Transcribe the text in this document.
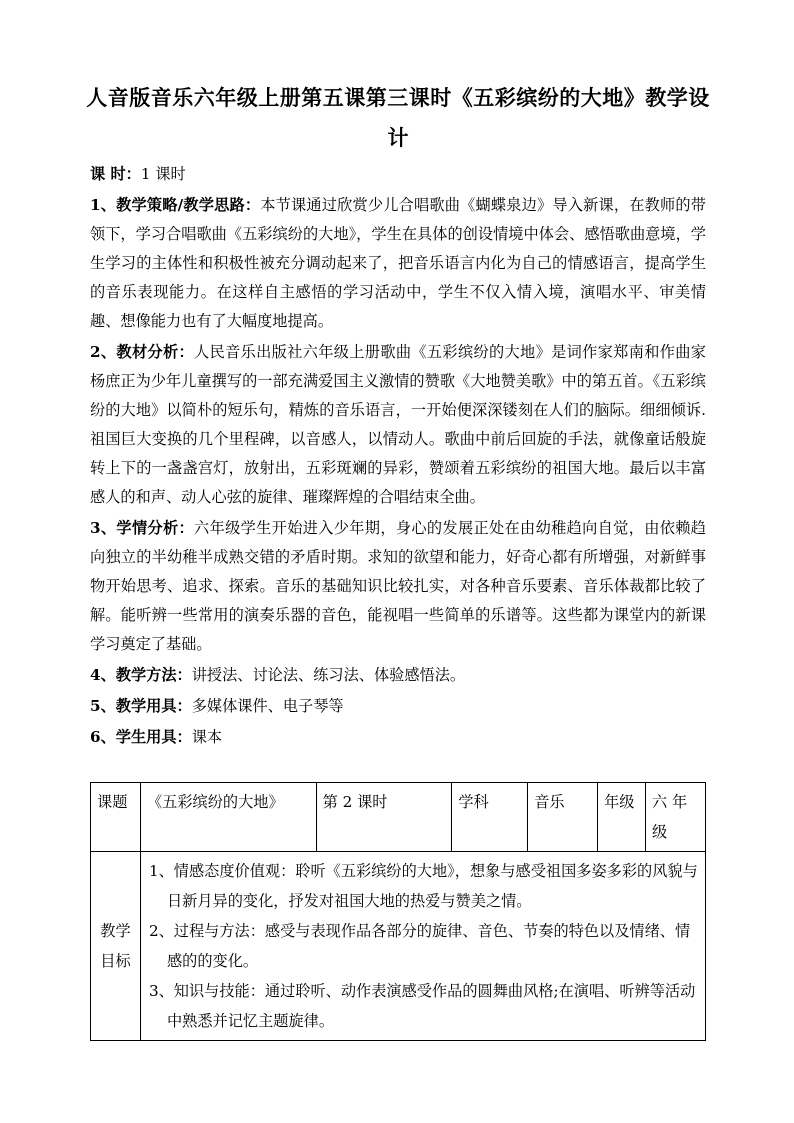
人音版音乐六年级上册第五课第三课时《五彩缤纷的大地》教学设
计

课 时：1 课时

1、教学策略/教学思路：本节课通过欣赏少儿合唱歌曲《蝴蝶泉边》导入新课，在教师的带领下，学习合唱歌曲《五彩缤纷的大地》，学生在具体的创设情境中体会、感悟歌曲意境，学生学习的主体性和积极性被充分调动起来了，把音乐语言内化为自己的情感语言，提高学生的音乐表现能力。在这样自主感悟的学习活动中，学生不仅入情入境，演唱水平、审美情趣、想像能力也有了大幅度地提高。

2、教材分析：人民音乐出版社六年级上册歌曲《五彩缤纷的大地》是词作家郑南和作曲家杨庶正为少年儿童撰写的一部充满爱国主义激情的赞歌《大地赞美歌》中的第五首。《五彩缤纷的大地》以简朴的短乐句，精炼的音乐语言，一开始便深深镂刻在人们的脑际。细细倾诉.祖国巨大变换的几个里程碑，以音感人，以情动人。歌曲中前后回旋的手法，就像童话般旋转上下的一盏盏宫灯，放射出，五彩斑斓的异彩，赞颂着五彩缤纷的祖国大地。最后以丰富感人的和声、动人心弦的旋律、璀璨辉煌的合唱结束全曲。

3、学情分析：六年级学生开始进入少年期，身心的发展正处在由幼稚趋向自觉，由依赖趋向独立的半幼稚半成熟交错的矛盾时期。求知的欲望和能力，好奇心都有所增强，对新鲜事物开始思考、追求、探索。音乐的基础知识比较扎实，对各种音乐要素、音乐体裁都比较了解。能听辨一些常用的演奏乐器的音色，能视唱一些简单的乐谱等。这些都为课堂内的新课学习奠定了基础。

4、教学方法：讲授法、讨论法、练习法、体验感悟法。

5、教学用具：多媒体课件、电子琴等

6、学生用具：课本

课题	《五彩缤纷的大地》	第 2 课时	学科	音乐	年级	六 年级
教学目标	1、情感态度价值观：聆听《五彩缤纷的大地》，想象与感受祖国多姿多彩的风貌与日新月异的变化，抒发对祖国大地的热爱与赞美之情。

2、过程与方法：感受与表现作品各部分的旋律、音色、节奏的特色以及情绪、情感的的变化。

3、知识与技能：通过聆听、动作表演感受作品的圆舞曲风格;在演唱、听辨等活动中熟悉并记忆主题旋律。					
